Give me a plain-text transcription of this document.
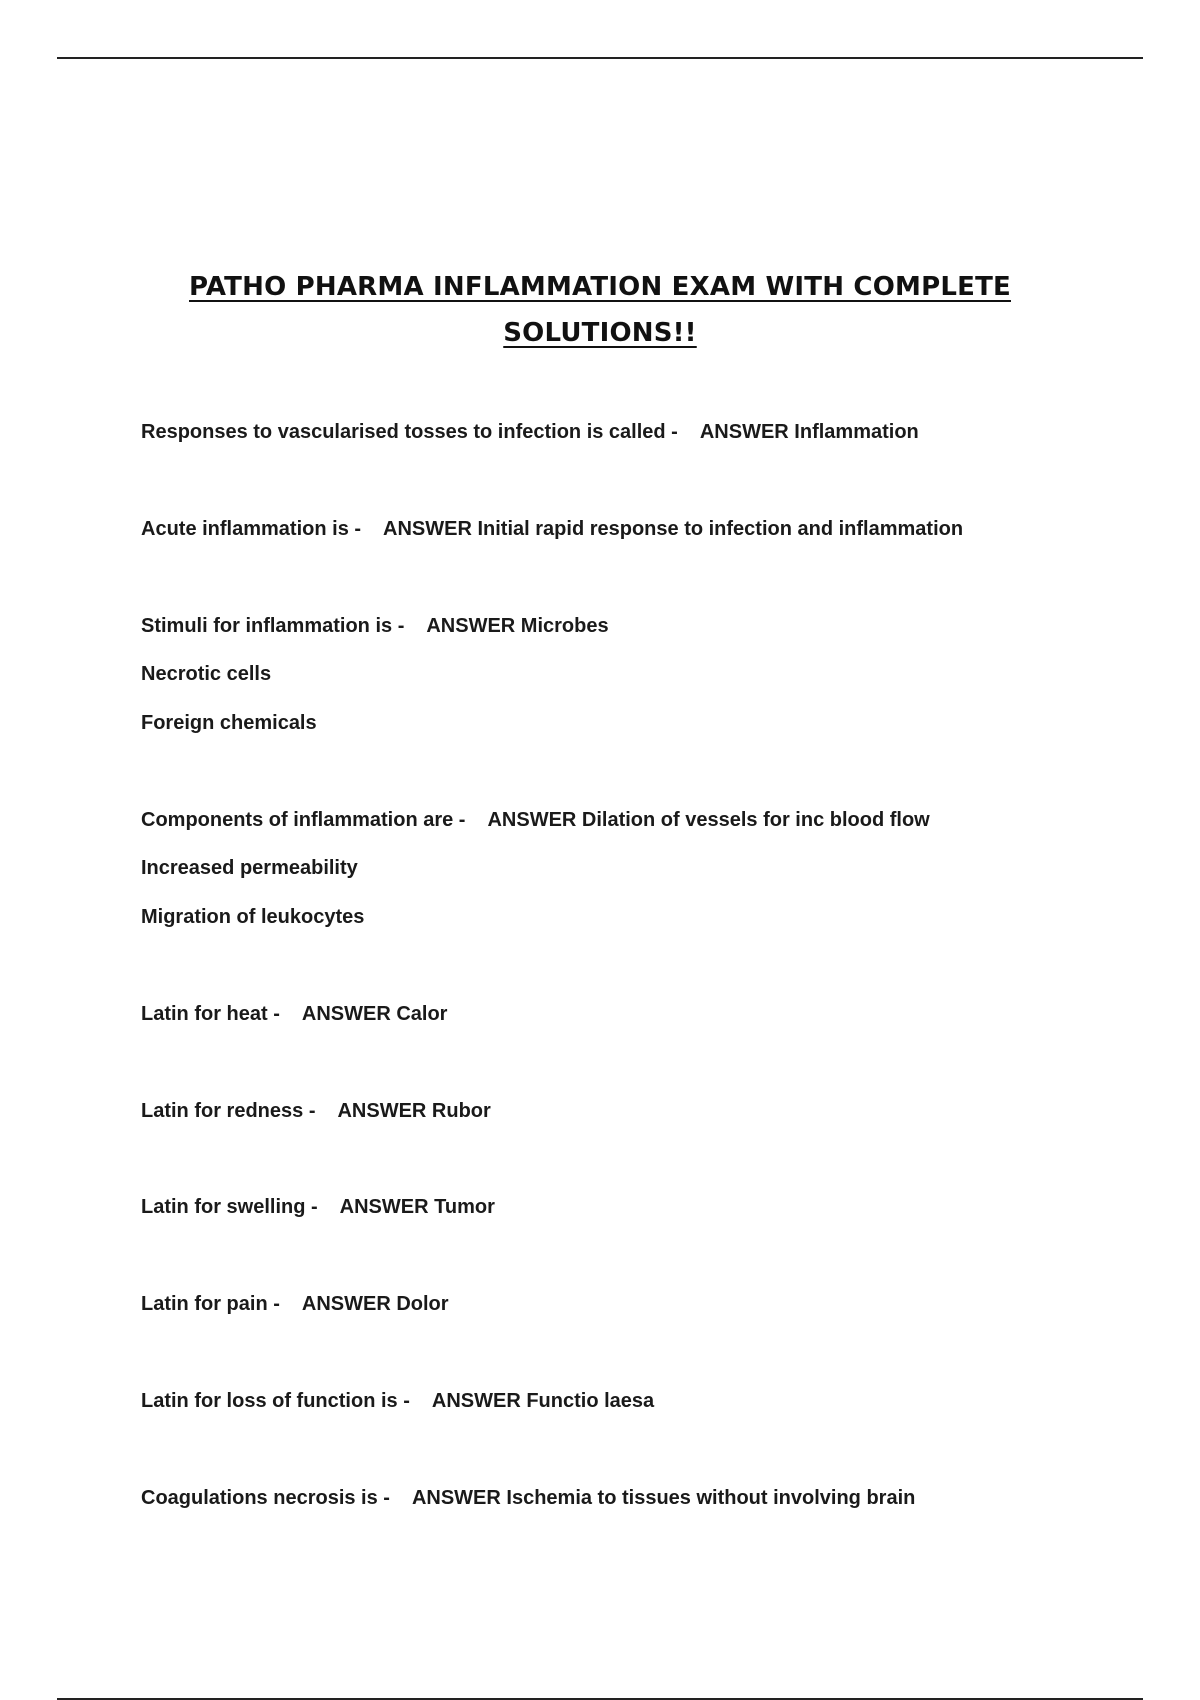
PATHO PHARMA INFLAMMATION EXAM WITH COMPLETE
SOLUTIONS!!
Responses to vascularised tosses to infection is called - ANSWER Inflammation
Acute inflammation is - ANSWER Initial rapid response to infection and inflammation
Stimuli for inflammation is - ANSWER Microbes
Necrotic cells
Foreign chemicals
Components of inflammation are - ANSWER Dilation of vessels for inc blood flow
Increased permeability
Migration of leukocytes
Latin for heat - ANSWER Calor
Latin for redness - ANSWER Rubor
Latin for swelling - ANSWER Tumor
Latin for pain - ANSWER Dolor
Latin for loss of function is - ANSWER Functio laesa
Coagulations necrosis is - ANSWER Ischemia to tissues without involving brain
